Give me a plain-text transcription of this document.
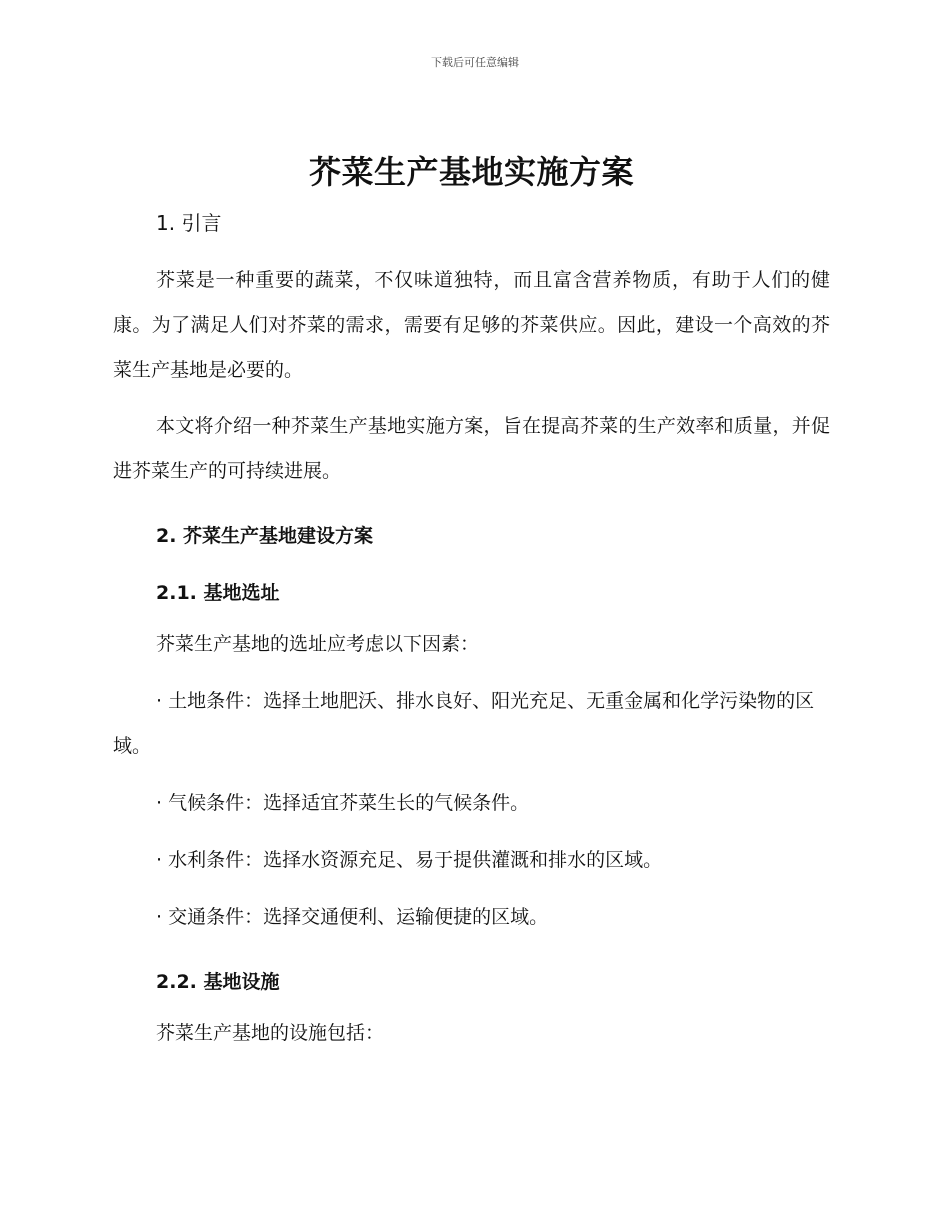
下载后可任意编辑
芥菜生产基地实施方案
1. 引言

芥菜是一种重要的蔬菜，不仅味道独特，而且富含营养物质，有助于人们的健康。为了满足人们对芥菜的需求，需要有足够的芥菜供应。因此，建设一个高效的芥菜生产基地是必要的。

本文将介绍一种芥菜生产基地实施方案，旨在提高芥菜的生产效率和质量，并促进芥菜生产的可持续进展。

2. 芥菜生产基地建设方案
2.1. 基地选址

芥菜生产基地的选址应考虑以下因素：

· 土地条件：选择土地肥沃、排水良好、阳光充足、无重金属和化学污染物的区域。

· 气候条件：选择适宜芥菜生长的气候条件。

· 水利条件：选择水资源充足、易于提供灌溉和排水的区域。

· 交通条件：选择交通便利、运输便捷的区域。

2.2. 基地设施

芥菜生产基地的设施包括：
